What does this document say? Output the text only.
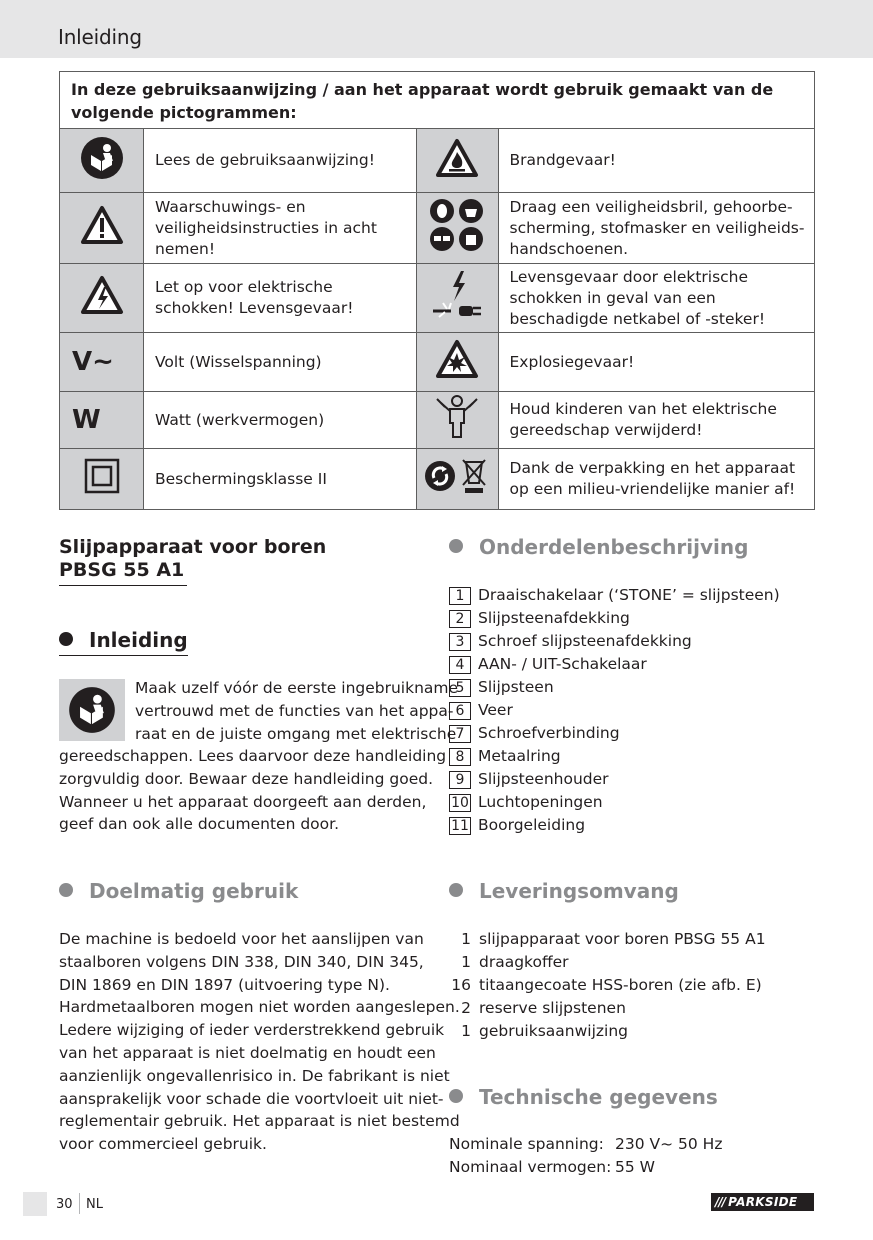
Inleiding
In deze gebruiksaanwijzing / aan het apparaat wordt gebruik gemaakt van de volgende pictogrammen:			
	Lees de gebruiksaanwijzing!		Brandgevaar!
	Waarschuwings- en veiligheidsinstructies in acht nemen!		Draag een veiligheidsbril, gehoorbe-scherming, stofmasker en veiligheids-handschoenen.
	Let op voor elektrische schokken! Levensgevaar!		Levensgevaar door elektrische schokken in geval van een beschadigde netkabel of -steker!

V~	Volt (Wisselspanning)		Explosiegevaar!

W	Watt (werkvermogen)		Houd kinderen van het elektrische gereedschap verwijderd!
	Beschermingsklasse II		Dank de verpakking en het apparaat op een milieu-vriendelijke manier af!
Slijpapparaat voor boren
PBSG 55 A1
Inleiding
Maak uzelf vóór de eerste ingebruikname
vertrouwd met de functies van het appa-
raat en de juiste omgang met elektrische
gereedschappen. Lees daarvoor deze handleiding
zorgvuldig door. Bewaar deze handleiding goed.
Wanneer u het apparaat doorgeeft aan derden,
geef dan ook alle documenten door.
Doelmatig gebruik
De machine is bedoeld voor het aanslijpen van
staalboren volgens DIN 338, DIN 340, DIN 345,
DIN 1869 en DIN 1897 (uitvoering type N).
Hardmetaalboren mogen niet worden aangeslepen.
Ledere wijziging of ieder verderstrekkend gebruik
van het apparaat is niet doelmatig en houdt een
aanzienlijk ongevallenrisico in. De fabrikant is niet
aansprakelijk voor schade die voortvloeit uit niet-
reglementair gebruik. Het apparaat is niet bestemd
voor commercieel gebruik.
Onderdelenbeschrijving
1 Draaischakelaar (‘STONE’ = slijpsteen)
2 Slijpsteenafdekking
3 Schroef slijpsteenafdekking
4 AAN- / UIT-Schakelaar
5 Slijpsteen
6 Veer
7 Schroefverbinding
8 Metaalring
9 Slijpsteenhouder
10 Luchtopeningen
11 Boorgeleiding
Leveringsomvang
1 slijpapparaat voor boren PBSG 55 A1
1 draagkoffer
16 titaangecoate HSS-boren (zie afb. E)
2 reserve slijpstenen
1 gebruiksaanwijzing
Technische gegevens
Nominale spanning: 230 V~ 50 Hz
Nominaal vermogen: 55 W
30 NL	/// PARKSIDE
